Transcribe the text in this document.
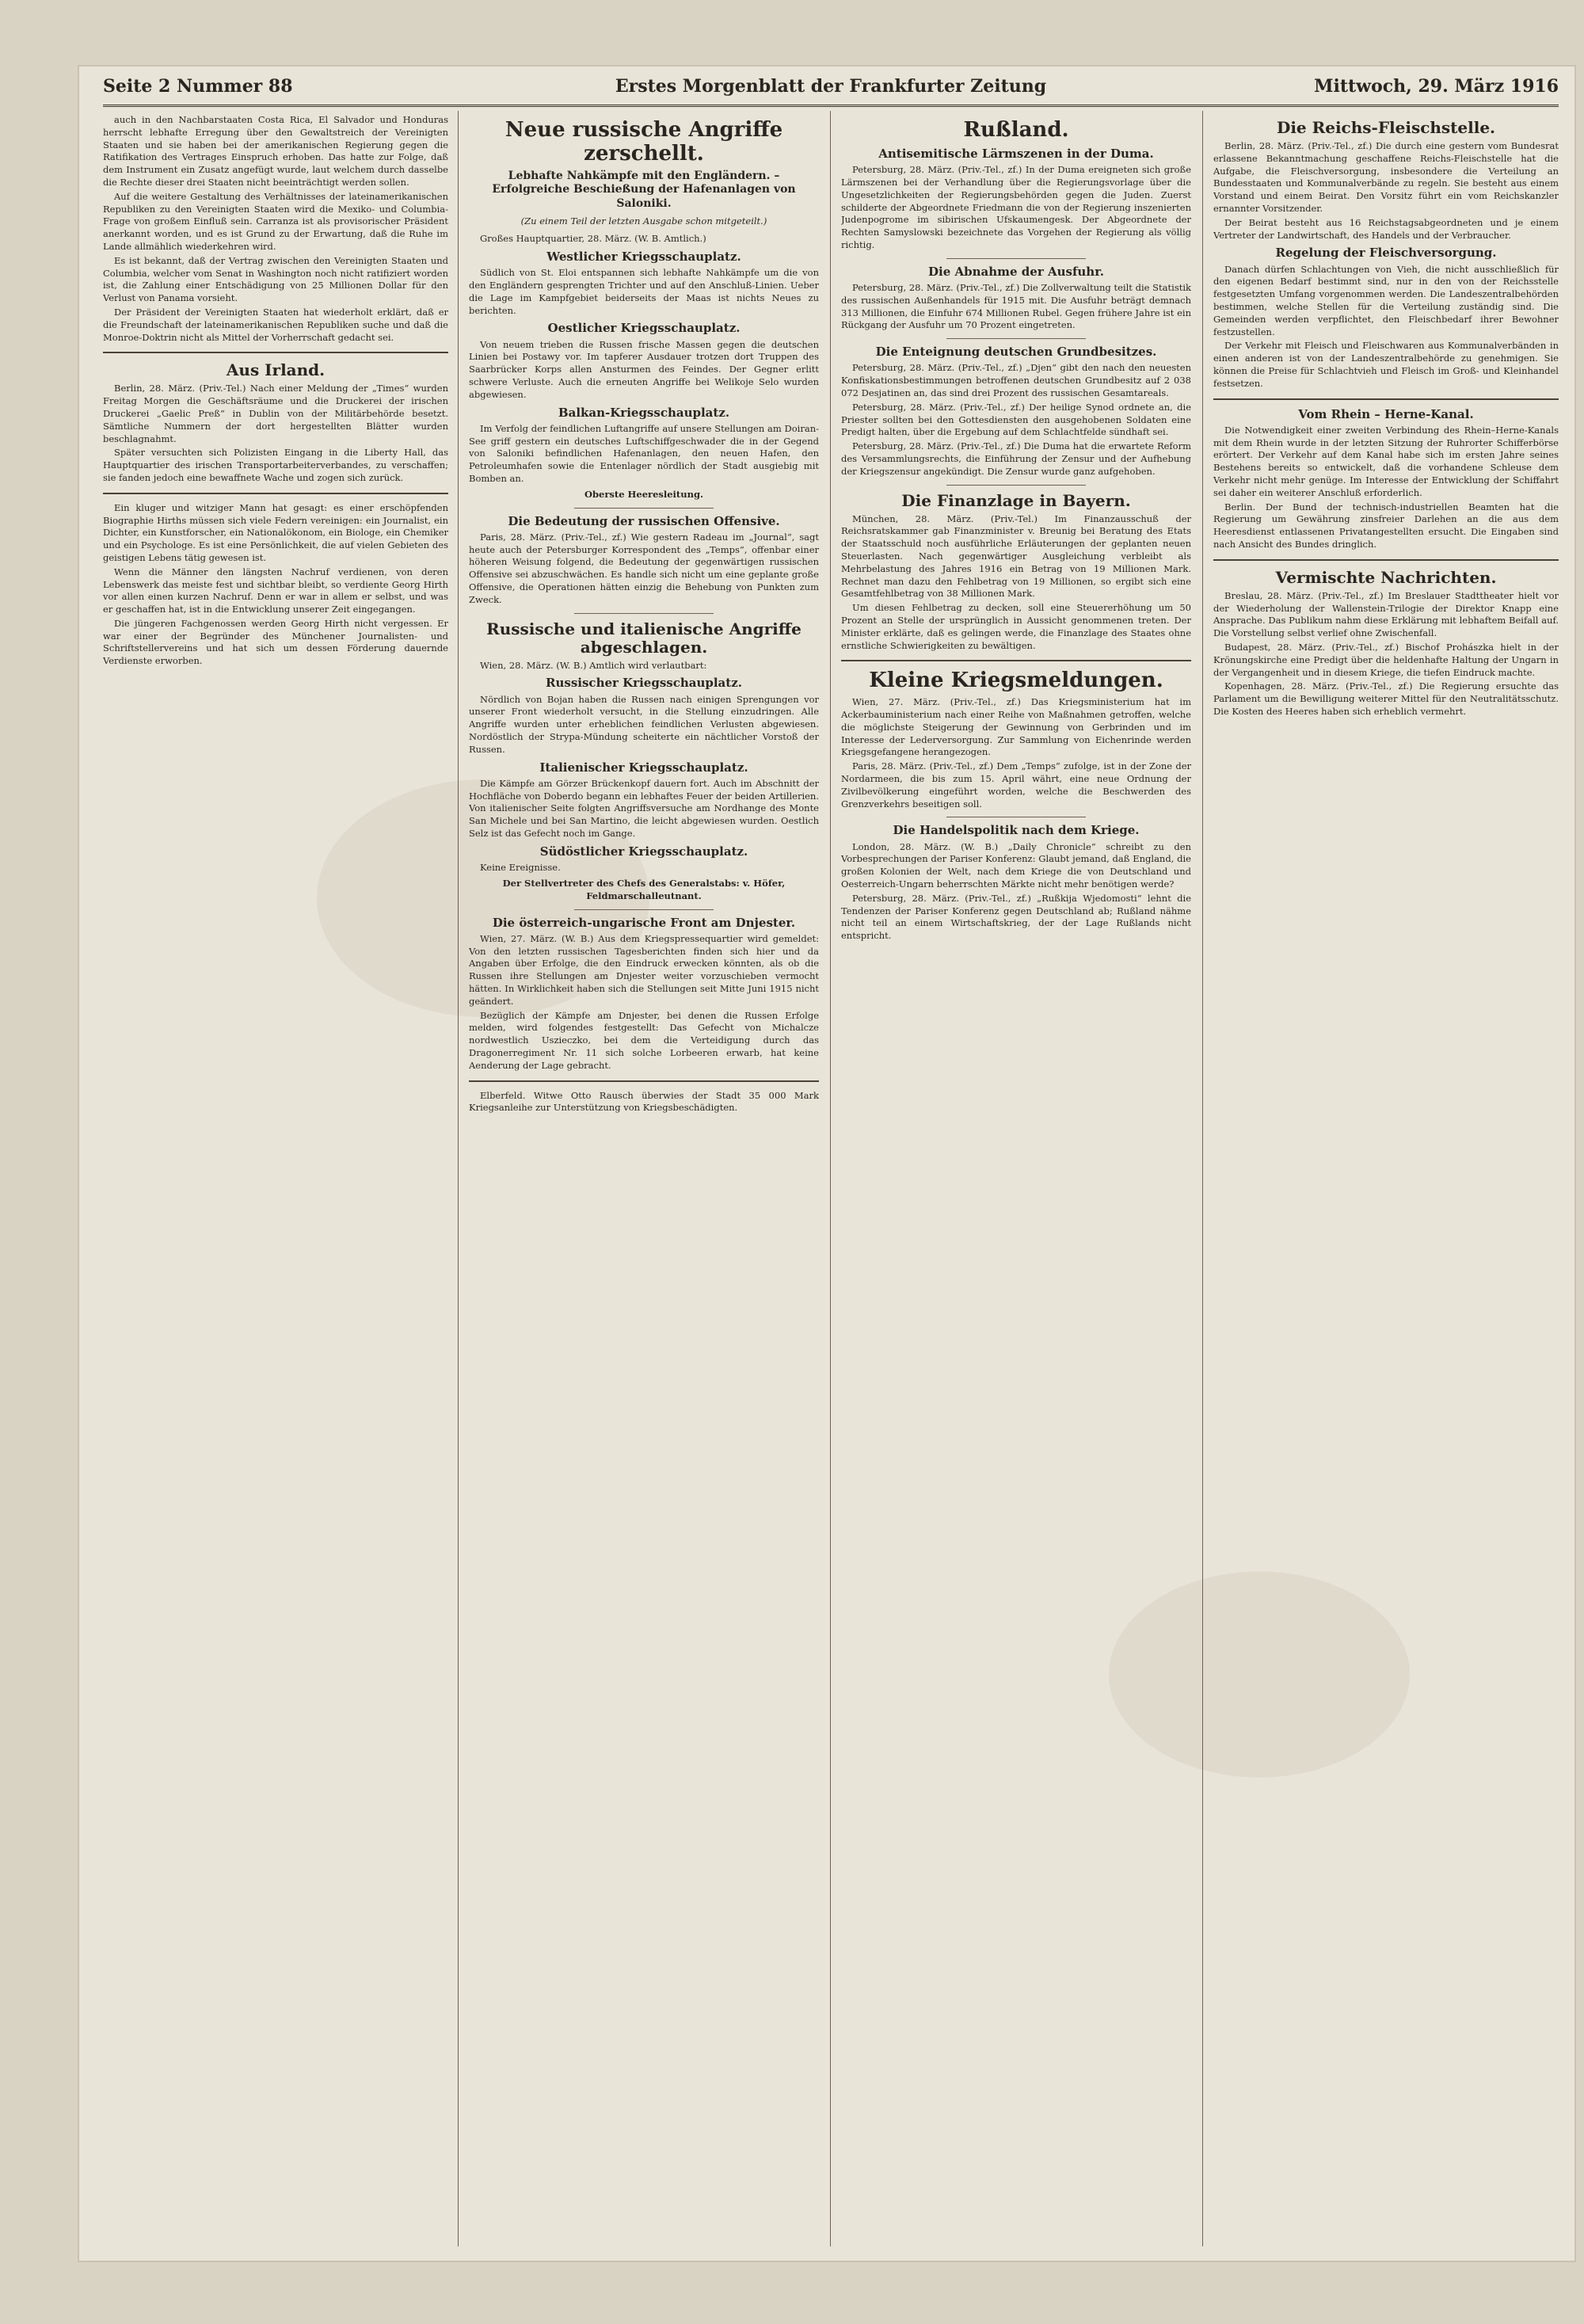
Seite 2 Nummer 88	Erstes Morgenblatt der Frankfurter Zeitung	Mittwoch, 29. März 1916

auch in den Nachbarstaaten Costa Rica, El Salvador und Honduras herrscht lebhafte Erregung über den Gewaltstreich der Vereinigten Staaten und sie haben bei der amerikanischen Regierung gegen die Ratifikation des Vertrages Einspruch erhoben. Das hatte zur Folge, daß dem Instrument ein Zusatz angefügt wurde, laut welchem durch dasselbe die Rechte dieser drei Staaten nicht beeinträchtigt werden sollen.

Auf die weitere Gestaltung des Verhältnisses der lateinamerikanischen Republiken zu den Vereinigten Staaten wird die Mexiko- und Columbia-Frage von großem Einfluß sein. Carranza ist als provisorischer Präsident anerkannt worden, und es ist Grund zu der Erwartung, daß die Ruhe im Lande allmählich wiederkehren wird.

Es ist bekannt, daß der Vertrag zwischen den Vereinigten Staaten und Columbia, welcher vom Senat in Washington noch nicht ratifiziert worden ist, die Zahlung einer Entschädigung von 25 Millionen Dollar für den Verlust von Panama vorsieht.

Der Präsident der Vereinigten Staaten hat wiederholt erklärt, daß er die Freundschaft der lateinamerikanischen Republiken suche und daß die Monroe-Doktrin nicht als Mittel der Vorherrschaft gedacht sei.

Aus Irland.

Berlin, 28. März. (Priv.-Tel.) Nach einer Meldung der „Times“ wurden Freitag Morgen die Geschäftsräume und die Druckerei der irischen Druckerei „Gaelic Preß“ in Dublin von der Militärbehörde besetzt. Sämtliche Nummern der dort hergestellten Blätter wurden beschlagnahmt.

Später versuchten sich Polizisten Eingang in die Liberty Hall, das Hauptquartier des irischen Transportarbeiterverbandes, zu verschaffen; sie fanden jedoch eine bewaffnete Wache und zogen sich zurück.

Ein kluger und witziger Mann hat gesagt: es einer erschöpfenden Biographie Hirths müssen sich viele Federn vereinigen: ein Journalist, ein Dichter, ein Kunstforscher, ein Nationalökonom, ein Biologe, ein Chemiker und ein Psychologe. Es ist eine Persönlichkeit, die auf vielen Gebieten des geistigen Lebens tätig gewesen ist.

Wenn die Männer den längsten Nachruf verdienen, von deren Lebenswerk das meiste fest und sichtbar bleibt, so verdiente Georg Hirth vor allen einen kurzen Nachruf. Denn er war in allem er selbst, und was er geschaffen hat, ist in die Entwicklung unserer Zeit eingegangen.

Die jüngeren Fachgenossen werden Georg Hirth nicht vergessen. Er war einer der Begründer des Münchener Journalisten- und Schriftstellervereins und hat sich um dessen Förderung dauernde Verdienste erworben.

Neue russische Angriffe zerschellt.
Lebhafte Nahkämpfe mit den Engländern. – Erfolgreiche Beschießung der Hafenanlagen von Saloniki.
(Zu einem Teil der letzten Ausgabe schon mitgeteilt.)

Großes Hauptquartier, 28. März. (W. B. Amtlich.)

Westlicher Kriegsschauplatz.

Südlich von St. Eloi entspannen sich lebhafte Nahkämpfe um die von den Engländern gesprengten Trichter und auf den Anschluß-Linien. Ueber die Lage im Kampfgebiet beiderseits der Maas ist nichts Neues zu berichten.

Oestlicher Kriegsschauplatz.

Von neuem trieben die Russen frische Massen gegen die deutschen Linien bei Postawy vor. Im tapferer Ausdauer trotzen dort Truppen des Saarbrücker Korps allen Ansturmen des Feindes. Der Gegner erlitt schwere Verluste. Auch die erneuten Angriffe bei Welikoje Selo wurden abgewiesen.

Balkan-Kriegsschauplatz.

Im Verfolg der feindlichen Luftangriffe auf unsere Stellungen am Doiran-See griff gestern ein deutsches Luftschiffgeschwader die in der Gegend von Saloniki befindlichen Hafenanlagen, den neuen Hafen, den Petroleumhafen sowie die Entenlager nördlich der Stadt ausgiebig mit Bomben an.

Oberste Heeresleitung.
Die Bedeutung der russischen Offensive.

Paris, 28. März. (Priv.-Tel., zf.) Wie gestern Radeau im „Journal“, sagt heute auch der Petersburger Korrespondent des „Temps“, offenbar einer höheren Weisung folgend, die Bedeutung der gegenwärtigen russischen Offensive sei abzuschwächen. Es handle sich nicht um eine geplante große Offensive, die Operationen hätten einzig die Behebung von Punkten zum Zweck.

Russische und italienische Angriffe abgeschlagen.

Wien, 28. März. (W. B.) Amtlich wird verlautbart:

Russischer Kriegsschauplatz.

Nördlich von Bojan haben die Russen nach einigen Sprengungen vor unserer Front wiederholt versucht, in die Stellung einzudringen. Alle Angriffe wurden unter erheblichen feindlichen Verlusten abgewiesen. Nordöstlich der Strypa-Mündung scheiterte ein nächtlicher Vorstoß der Russen.

Italienischer Kriegsschauplatz.

Die Kämpfe am Görzer Brückenkopf dauern fort. Auch im Abschnitt der Hochfläche von Doberdo begann ein lebhaftes Feuer der beiden Artillerien. Von italienischer Seite folgten Angriffsversuche am Nordhange des Monte San Michele und bei San Martino, die leicht abgewiesen wurden. Oestlich Selz ist das Gefecht noch im Gange.

Südöstlicher Kriegsschauplatz.

Keine Ereignisse.

Der Stellvertreter des Chefs des Generalstabs: v. Höfer, Feldmarschalleutnant.
Die österreich-ungarische Front am Dnjester.

Wien, 27. März. (W. B.) Aus dem Kriegspressequartier wird gemeldet: Von den letzten russischen Tagesberichten finden sich hier und da Angaben über Erfolge, die den Eindruck erwecken könnten, als ob die Russen ihre Stellungen am Dnjester weiter vorzuschieben vermocht hätten. In Wirklichkeit haben sich die Stellungen seit Mitte Juni 1915 nicht geändert.

Bezüglich der Kämpfe am Dnjester, bei denen die Russen Erfolge melden, wird folgendes festgestellt: Das Gefecht von Michalcze nordwestlich Uszieczko, bei dem die Verteidigung durch das Dragonerregiment Nr. 11 sich solche Lorbeeren erwarb, hat keine Aenderung der Lage gebracht.

Elberfeld. Witwe Otto Rausch überwies der Stadt 35 000 Mark Kriegsanleihe zur Unterstützung von Kriegsbeschädigten.

Rußland.
Antisemitische Lärmszenen in der Duma.

Petersburg, 28. März. (Priv.-Tel., zf.) In der Duma ereigneten sich große Lärmszenen bei der Verhandlung über die Regierungsvorlage über die Ungesetzlichkeiten der Regierungsbehörden gegen die Juden. Zuerst schilderte der Abgeordnete Friedmann die von der Regierung inszenierten Judenpogrome im sibirischen Ufskaumengesk. Der Abgeordnete der Rechten Samyslowski bezeichnete das Vorgehen der Regierung als völlig richtig.

Die Abnahme der Ausfuhr.

Petersburg, 28. März. (Priv.-Tel., zf.) Die Zollverwaltung teilt die Statistik des russischen Außenhandels für 1915 mit. Die Ausfuhr beträgt demnach 313 Millionen, die Einfuhr 674 Millionen Rubel. Gegen frühere Jahre ist ein Rückgang der Ausfuhr um 70 Prozent eingetreten.

Die Enteignung deutschen Grundbesitzes.

Petersburg, 28. März. (Priv.-Tel., zf.) „Djen“ gibt den nach den neuesten Konfiskationsbestimmungen betroffenen deutschen Grundbesitz auf 2 038 072 Desjatinen an, das sind drei Prozent des russischen Gesamtareals.

Petersburg, 28. März. (Priv.-Tel., zf.) Der heilige Synod ordnete an, die Priester sollten bei den Gottesdiensten den ausgehobenen Soldaten eine Predigt halten, über die Ergebung auf dem Schlachtfelde sündhaft sei.

Petersburg, 28. März. (Priv.-Tel., zf.) Die Duma hat die erwartete Reform des Versammlungsrechts, die Einführung der Zensur und der Aufhebung der Kriegszensur angekündigt. Die Zensur wurde ganz aufgehoben.

Die Finanzlage in Bayern.

München, 28. März. (Priv.-Tel.) Im Finanzausschuß der Reichsratskammer gab Finanzminister v. Breunig bei Beratung des Etats der Staatsschuld noch ausführliche Erläuterungen der geplanten neuen Steuerlasten. Nach gegenwärtiger Ausgleichung verbleibt als Mehrbelastung des Jahres 1916 ein Betrag von 19 Millionen Mark. Rechnet man dazu den Fehlbetrag von 19 Millionen, so ergibt sich eine Gesamtfehlbetrag von 38 Millionen Mark.

Um diesen Fehlbetrag zu decken, soll eine Steuererhöhung um 50 Prozent an Stelle der ursprünglich in Aussicht genommenen treten. Der Minister erklärte, daß es gelingen werde, die Finanzlage des Staates ohne ernstliche Schwierigkeiten zu bewältigen.

Kleine Kriegsmeldungen.

Wien, 27. März. (Priv.-Tel., zf.) Das Kriegsministerium hat im Ackerbauministerium nach einer Reihe von Maßnahmen getroffen, welche die möglichste Steigerung der Gewinnung von Gerbrinden und im Interesse der Lederversorgung. Zur Sammlung von Eichenrinde werden Kriegsgefangene herangezogen.

Paris, 28. März. (Priv.-Tel., zf.) Dem „Temps“ zufolge, ist in der Zone der Nordarmeen, die bis zum 15. April währt, eine neue Ordnung der Zivilbevölkerung eingeführt worden, welche die Beschwerden des Grenzverkehrs beseitigen soll.

Die Handelspolitik nach dem Kriege.

London, 28. März. (W. B.) „Daily Chronicle“ schreibt zu den Vorbesprechungen der Pariser Konferenz: Glaubt jemand, daß England, die großen Kolonien der Welt, nach dem Kriege die von Deutschland und Oesterreich-Ungarn beherrschten Märkte nicht mehr benötigen werde?

Petersburg, 28. März. (Priv.-Tel., zf.) „Rußkija Wjedomosti“ lehnt die Tendenzen der Pariser Konferenz gegen Deutschland ab; Rußland nähme nicht teil an einem Wirtschaftskrieg, der der Lage Rußlands nicht entspricht.

Die Reichs-Fleischstelle.

Berlin, 28. März. (Priv.-Tel., zf.) Die durch eine gestern vom Bundesrat erlassene Bekanntmachung geschaffene Reichs-Fleischstelle hat die Aufgabe, die Fleischversorgung, insbesondere die Verteilung an Bundesstaaten und Kommunalverbände zu regeln. Sie besteht aus einem Vorstand und einem Beirat. Den Vorsitz führt ein vom Reichskanzler ernannter Vorsitzender.

Der Beirat besteht aus 16 Reichstagsabgeordneten und je einem Vertreter der Landwirtschaft, des Handels und der Verbraucher.

Regelung der Fleischversorgung.

Danach dürfen Schlachtungen von Vieh, die nicht ausschließlich für den eigenen Bedarf bestimmt sind, nur in den von der Reichsstelle festgesetzten Umfang vorgenommen werden. Die Landeszentralbehörden bestimmen, welche Stellen für die Verteilung zuständig sind. Die Gemeinden werden verpflichtet, den Fleischbedarf ihrer Bewohner festzustellen.

Der Verkehr mit Fleisch und Fleischwaren aus Kommunalverbänden in einen anderen ist von der Landeszentralbehörde zu genehmigen. Sie können die Preise für Schlachtvieh und Fleisch im Groß- und Kleinhandel festsetzen.

Vom Rhein – Herne-Kanal.

Die Notwendigkeit einer zweiten Verbindung des Rhein–Herne-Kanals mit dem Rhein wurde in der letzten Sitzung der Ruhrorter Schifferbörse erörtert. Der Verkehr auf dem Kanal habe sich im ersten Jahre seines Bestehens bereits so entwickelt, daß die vorhandene Schleuse dem Verkehr nicht mehr genüge. Im Interesse der Entwicklung der Schiffahrt sei daher ein weiterer Anschluß erforderlich.

Berlin. Der Bund der technisch-industriellen Beamten hat die Regierung um Gewährung zinsfreier Darlehen an die aus dem Heeresdienst entlassenen Privatangestellten ersucht. Die Eingaben sind nach Ansicht des Bundes dringlich.

Vermischte Nachrichten.

Breslau, 28. März. (Priv.-Tel., zf.) Im Breslauer Stadttheater hielt vor der Wiederholung der Wallenstein-Trilogie der Direktor Knapp eine Ansprache. Das Publikum nahm diese Erklärung mit lebhaftem Beifall auf. Die Vorstellung selbst verlief ohne Zwischenfall.

Budapest, 28. März. (Priv.-Tel., zf.) Bischof Prohászka hielt in der Krönungskirche eine Predigt über die heldenhafte Haltung der Ungarn in der Vergangenheit und in diesem Kriege, die tiefen Eindruck machte.

Kopenhagen, 28. März. (Priv.-Tel., zf.) Die Regierung ersuchte das Parlament um die Bewilligung weiterer Mittel für den Neutralitätsschutz. Die Kosten des Heeres haben sich erheblich vermehrt.
